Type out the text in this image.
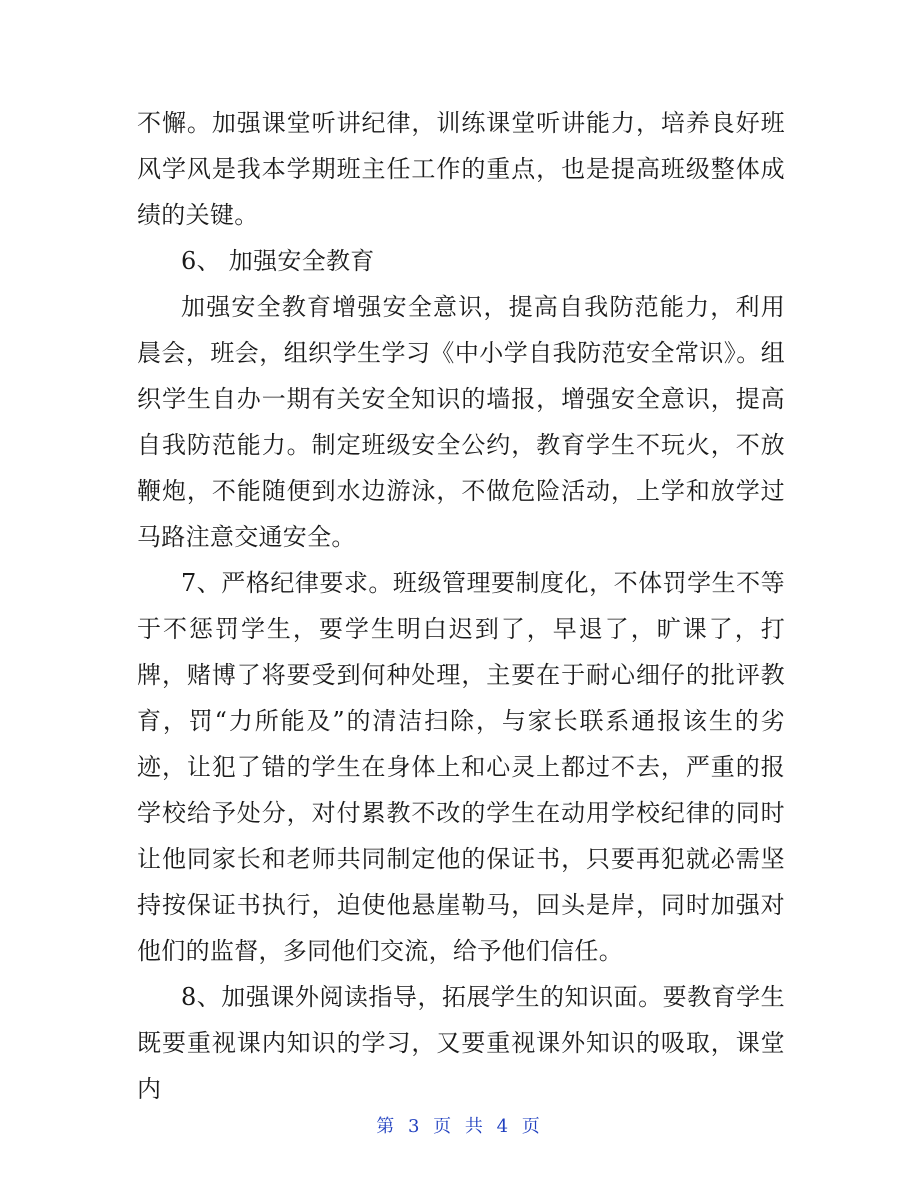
不懈。加强课堂听讲纪律，训练课堂听讲能力，培养良好班风学风是我本学期班主任工作的重点，也是提高班级整体成绩的关键。

6、 加强安全教育

加强安全教育增强安全意识，提高自我防范能力，利用晨会，班会，组织学生学习《中小学自我防范安全常识》。组织学生自办一期有关安全知识的墙报，增强安全意识，提高自我防范能力。制定班级安全公约，教育学生不玩火，不放鞭炮，不能随便到水边游泳，不做危险活动，上学和放学过马路注意交通安全。

7、严格纪律要求。班级管理要制度化，不体罚学生不等于不惩罚学生，要学生明白迟到了，早退了，旷课了，打牌，赌博了将要受到何种处理，主要在于耐心细仔的批评教育，罚“力所能及”的清洁扫除，与家长联系通报该生的劣迹，让犯了错的学生在身体上和心灵上都过不去，严重的报学校给予处分，对付累教不改的学生在动用学校纪律的同时让他同家长和老师共同制定他的保证书，只要再犯就必需坚持按保证书执行，迫使他悬崖勒马，回头是岸，同时加强对他们的监督，多同他们交流，给予他们信任。

8、加强课外阅读指导，拓展学生的知识面。要教育学生既要重视课内知识的学习，又要重视课外知识的吸取，课堂内

第 3 页 共 4 页
